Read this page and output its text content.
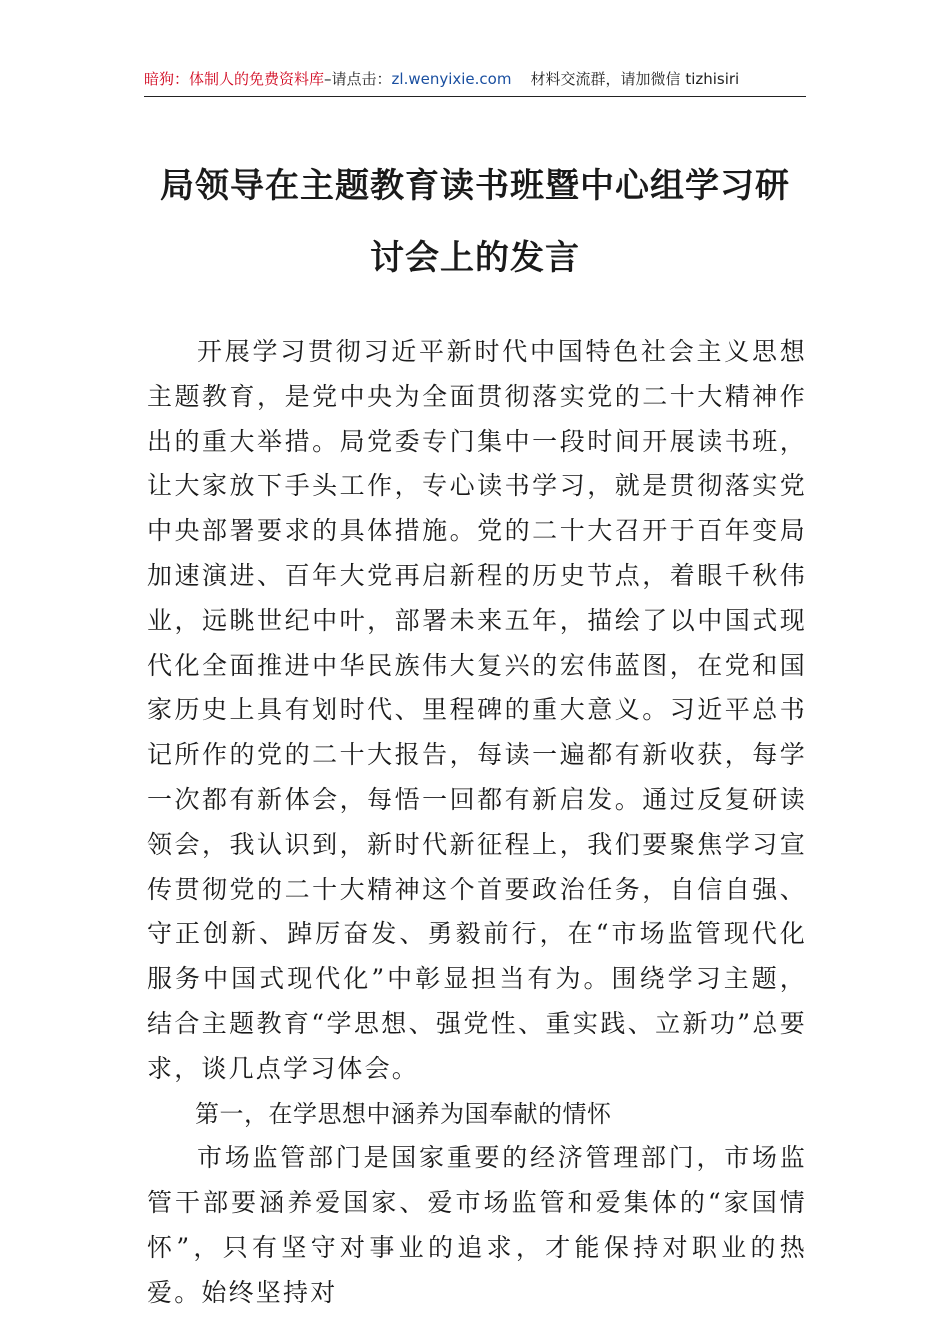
暗狗：体制人的免费资料库–请点击：zl.wenyixie.com 材料交流群，请加微信 tizhisiri
局领导在主题教育读书班暨中心组学习研
讨会上的发言

开展学习贯彻习近平新时代中国特色社会主义思想主题教育，是党中央为全面贯彻落实党的二十大精神作出的重大举措。局党委专门集中一段时间开展读书班，让大家放下手头工作，专心读书学习，就是贯彻落实党中央部署要求的具体措施。党的二十大召开于百年变局加速演进、百年大党再启新程的历史节点，着眼千秋伟业，远眺世纪中叶，部署未来五年，描绘了以中国式现代化全面推进中华民族伟大复兴的宏伟蓝图，在党和国家历史上具有划时代、里程碑的重大意义。习近平总书记所作的党的二十大报告，每读一遍都有新收获，每学一次都有新体会，每悟一回都有新启发。通过反复研读领会，我认识到，新时代新征程上，我们要聚焦学习宣传贯彻党的二十大精神这个首要政治任务，自信自强、守正创新、踔厉奋发、勇毅前行，在“市场监管现代化服务中国式现代化”中彰显担当有为。围绕学习主题，结合主题教育“学思想、强党性、重实践、立新功”总要求，谈几点学习体会。

第一，在学思想中涵养为国奉献的情怀

市场监管部门是国家重要的经济管理部门，市场监管干部要涵养爱国家、爱市场监管和爱集体的“家国情怀”，只有坚守对事业的追求，才能保持对职业的热爱。始终坚持对
